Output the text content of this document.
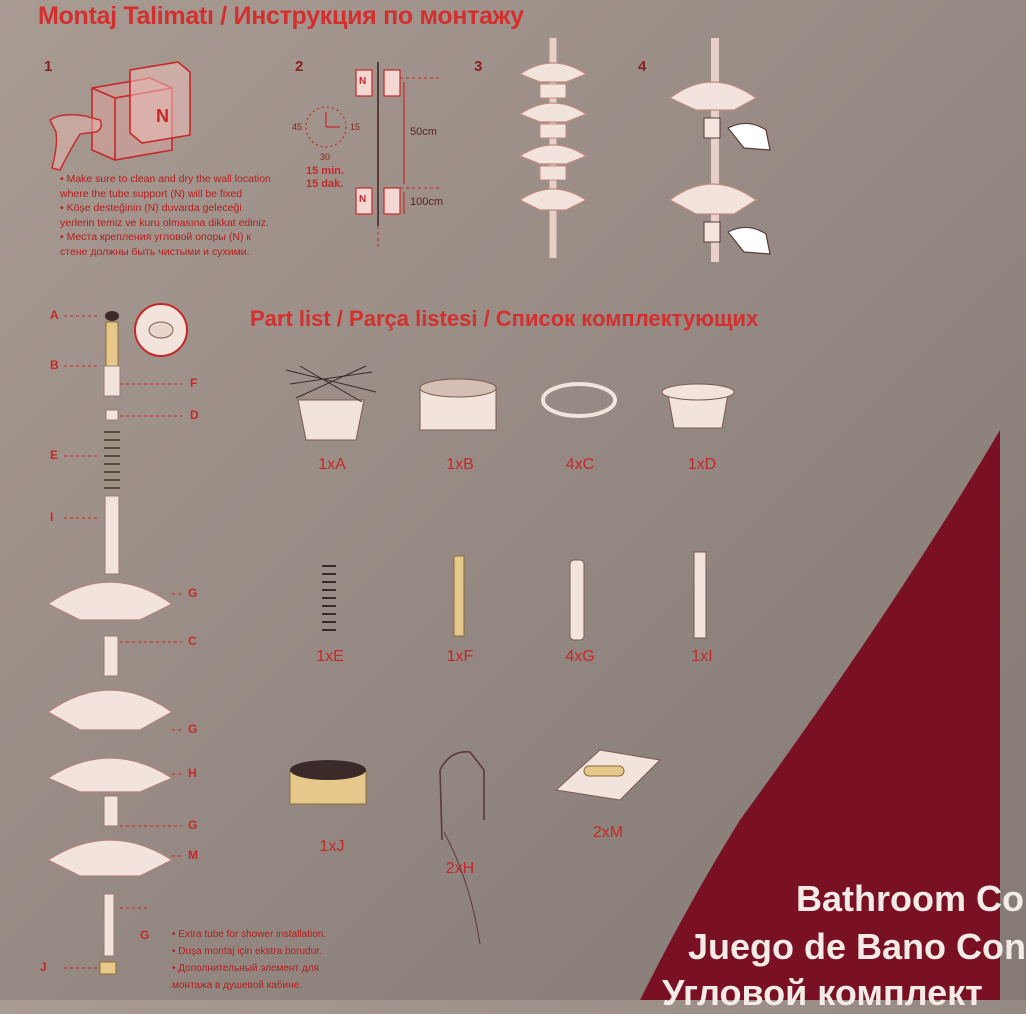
Montaj Talimatı / Инструкция по монтажу
1	2	3	4
• Make sure to clean and dry the wall location
where the tube support (N) will be fixed
• Köşe desteğinin (N) duvarda geleceği
yerlerin temiz ve kuru olmasına dikkat ediniz.
• Места крепления угловой опоры (N) к
стене должны быть чистыми и сухими.
N
N
N
45	15
30
15 min.
15 dak.
50cm
100cm
Part list / Parça listesi / Список комплектующих
1xA	1xB	4xC	1xD
1xE	1xF	4xG	1xI
1xJ
2xH
2xM
A
B
F
D
E
I
G
C
G
H
G
M
G
J
• Extra tube for shower installation.
• Duşa montaj için ekstra borudur.
• Дополнительный элемент для
монтажа в душевой кабине.
Bathroom Co
Juego de Bano Con
Угловой комплект
